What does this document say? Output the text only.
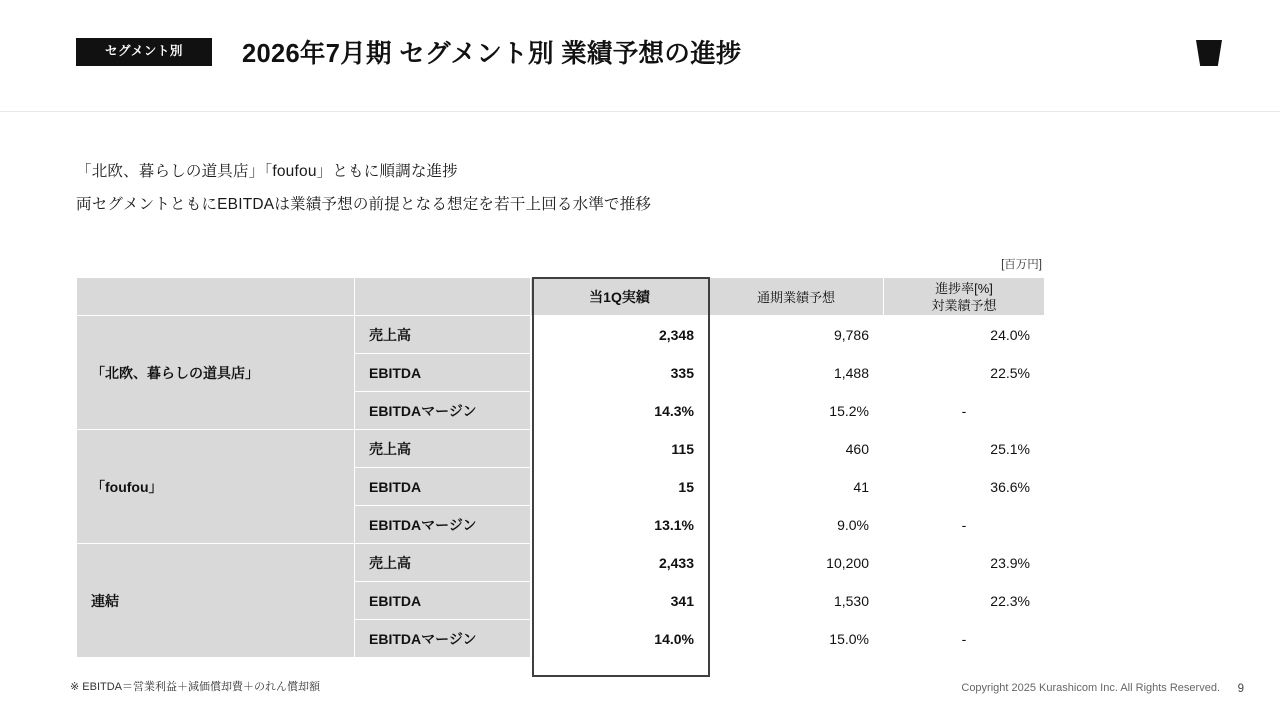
セグメント別	2026年7月期 セグメント別 業績予想の進捗
「北欧、暮らしの道具店」「foufou」ともに順調な進捗
両セグメントともにEBITDAは業績予想の前提となる想定を若干上回る水準で推移
[百万円]
		当1Q実績	通期業績予想	進捗率[%]
対業績予想

「北欧、暮らしの道具店」	売上高	2,348	9,786	24.0%
	EBITDA	335	1,488	22.5%
	EBITDAマージン	14.3%	15.2%	-
「foufou」	売上高	115	460	25.1%
	EBITDA	15	41	36.6%
	EBITDAマージン	13.1%	9.0%	-
連結	売上高	2,433	10,200	23.9%
	EBITDA	341	1,530	22.3%
	EBITDAマージン	14.0%	15.0%	-
※ EBITDA＝営業利益＋減価償却費＋のれん償却額	Copyright 2025 Kurashicom Inc. All Rights Reserved. 9
